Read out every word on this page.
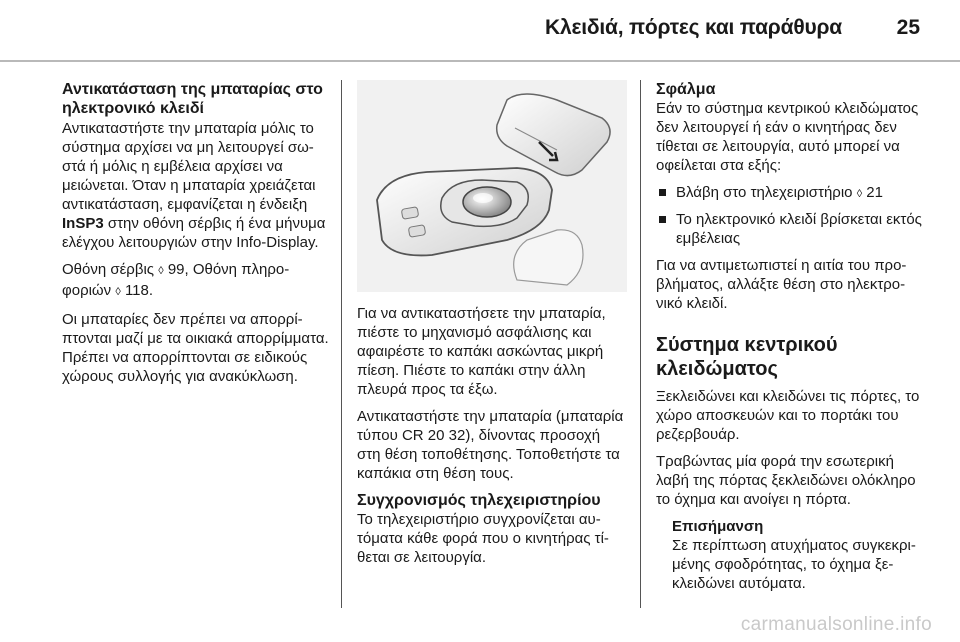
Κλειδιά, πόρτες και παράθυρα	25
Αντικατάσταση της μπαταρίας στο ηλεκτρονικό κλειδί

Αντικαταστήστε την μπαταρία μόλις το σύστημα αρχίσει να μη λειτουργεί σωστά ή μόλις η εμβέλεια αρχίσει να μειώνεται. Όταν η μπαταρία χρειάζεται αντικατάσταση, εμφανίζεται η ένδειξη InSP3 στην οθόνη σέρβις ή ένα μήνυμα ελέγχου λειτουργιών στην Info-Display.

Οθόνη σέρβις ◊ 99, Οθόνη πληροφοριών ◊ 118.

Οι μπαταρίες δεν πρέπει να απορρίπτονται μαζί με τα οικιακά απορρίμματα. Πρέπει να απορρίπτονται σε ειδικούς χώρους συλλογής για ανακύκλωση.

Για να αντικαταστήσετε την μπαταρία, πιέστε το μηχανισμό ασφάλισης και αφαιρέστε το καπάκι ασκώντας μικρή πίεση. Πιέστε το καπάκι στην άλλη πλευρά προς τα έξω.

Αντικαταστήστε την μπαταρία (μπαταρία τύπου CR 20 32), δίνοντας προσοχή στη θέση τοποθέτησης. Τοποθετήστε τα καπάκια στη θέση τους.

Συγχρονισμός τηλεχειριστηρίου

Το τηλεχειριστήριο συγχρονίζεται αυτόματα κάθε φορά που ο κινητήρας τίθεται σε λειτουργία.

Σφάλμα

Εάν το σύστημα κεντρικού κλειδώματος δεν λειτουργεί ή εάν ο κινητήρας δεν τίθεται σε λειτουργία, αυτό μπορεί να οφείλεται στα εξής:

Βλάβη στο τηλεχειριστήριο ◊ 21
Το ηλεκτρονικό κλειδί βρίσκεται εκτός εμβέλειας

Για να αντιμετωπιστεί η αιτία του προβλήματος, αλλάξτε θέση στο ηλεκτρονικό κλειδί.

Σύστημα κεντρικού κλειδώματος

Ξεκλειδώνει και κλειδώνει τις πόρτες, το χώρο αποσκευών και το πορτάκι του ρεζερβουάρ.

Τραβώντας μία φορά την εσωτερική λαβή της πόρτας ξεκλειδώνει ολόκληρο το όχημα και ανοίγει η πόρτα.

Επισήμανση
Σε περίπτωση ατυχήματος συγκεκριμένης σφοδρότητας, το όχημα ξεκλειδώνει αυτόματα.
carmanualsonline.info
